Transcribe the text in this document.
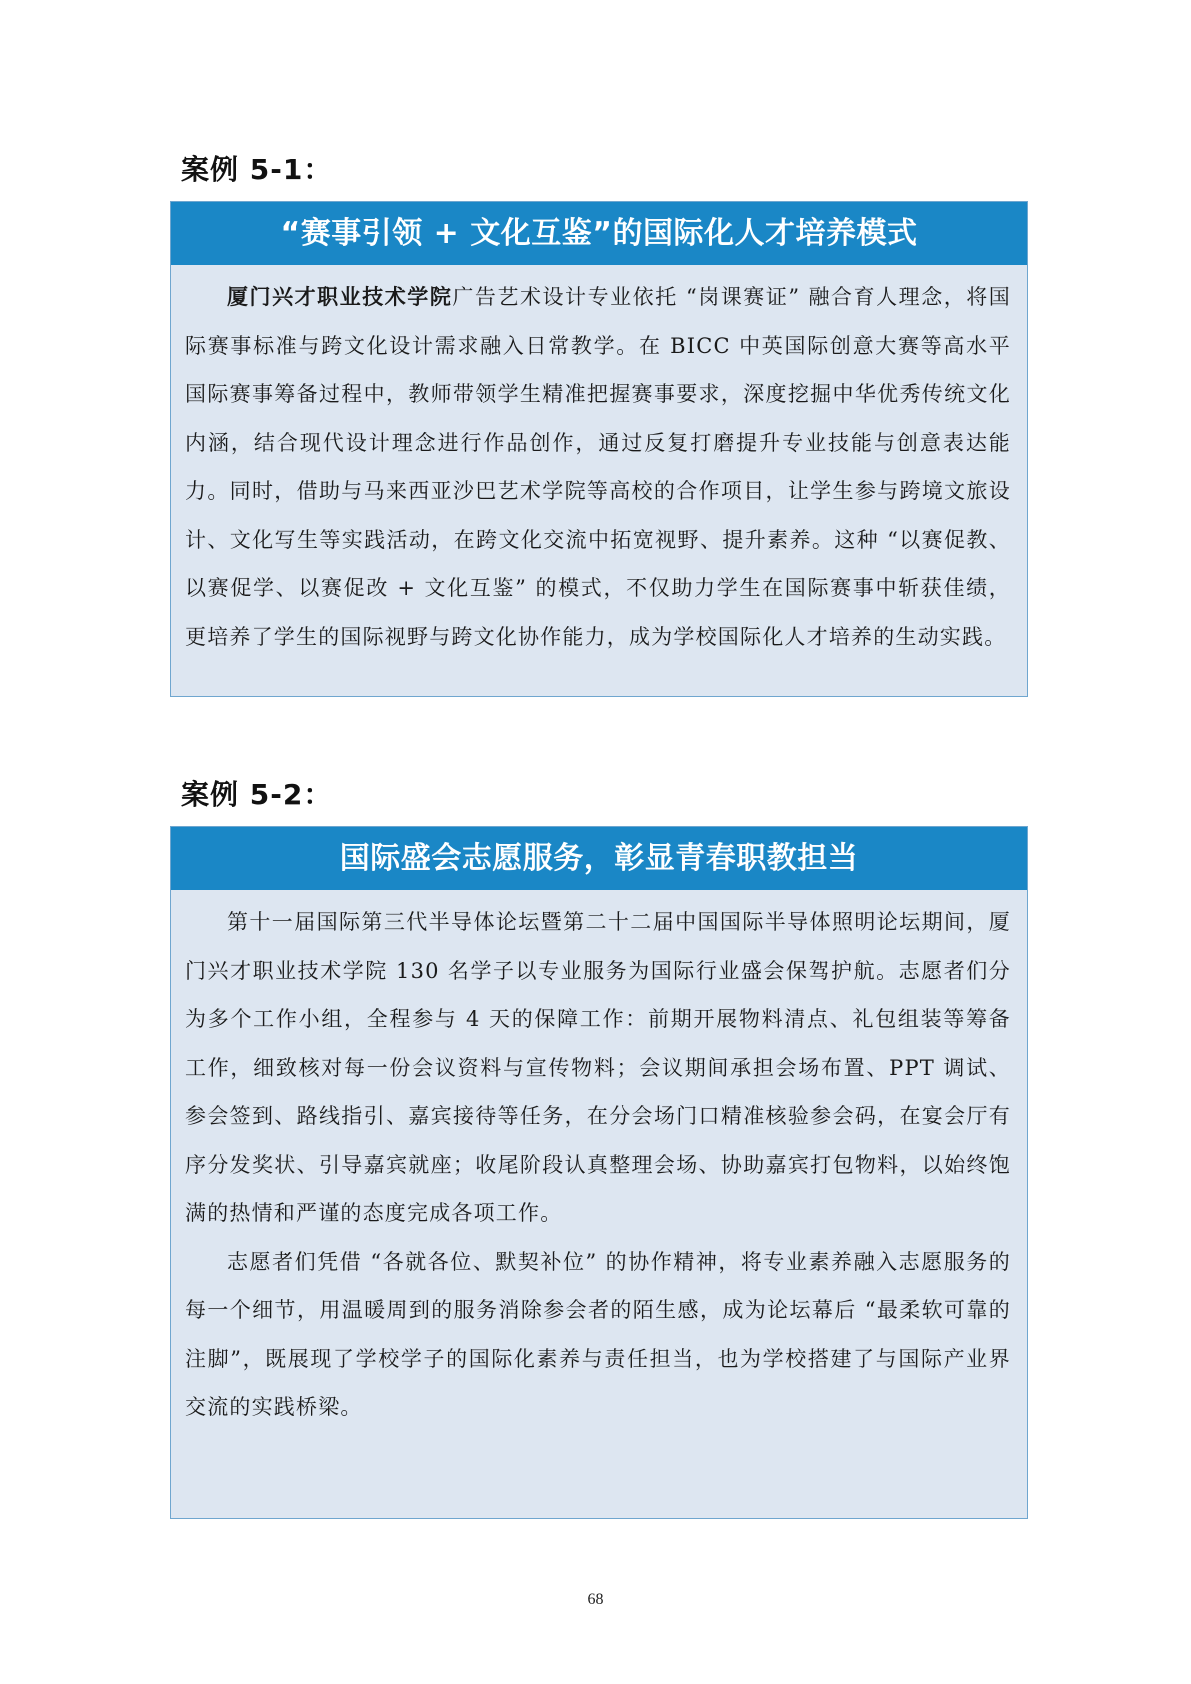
案例 5-1：
“赛事引领 + 文化互鉴”的国际化人才培养模式

厦门兴才职业技术学院广告艺术设计专业依托 “岗课赛证” 融合育人理念，将国际赛事标准与跨文化设计需求融入日常教学。在 BICC 中英国际创意大赛等高水平国际赛事筹备过程中，教师带领学生精准把握赛事要求，深度挖掘中华优秀传统文化内涵，结合现代设计理念进行作品创作，通过反复打磨提升专业技能与创意表达能力。同时，借助与马来西亚沙巴艺术学院等高校的合作项目，让学生参与跨境文旅设计、文化写生等实践活动，在跨文化交流中拓宽视野、提升素养。这种 “以赛促教、以赛促学、以赛促改 + 文化互鉴” 的模式，不仅助力学生在国际赛事中斩获佳绩，更培养了学生的国际视野与跨文化协作能力，成为学校国际化人才培养的生动实践。

案例 5-2：
国际盛会志愿服务，彰显青春职教担当

第十一届国际第三代半导体论坛暨第二十二届中国国际半导体照明论坛期间，厦门兴才职业技术学院 130 名学子以专业服务为国际行业盛会保驾护航。志愿者们分为多个工作小组，全程参与 4 天的保障工作：前期开展物料清点、礼包组装等筹备工作，细致核对每一份会议资料与宣传物料；会议期间承担会场布置、PPT 调试、参会签到、路线指引、嘉宾接待等任务，在分会场门口精准核验参会码，在宴会厅有序分发奖状、引导嘉宾就座；收尾阶段认真整理会场、协助嘉宾打包物料，以始终饱满的热情和严谨的态度完成各项工作。

志愿者们凭借 “各就各位、默契补位” 的协作精神，将专业素养融入志愿服务的每一个细节，用温暖周到的服务消除参会者的陌生感，成为论坛幕后 “最柔软可靠的注脚”，既展现了学校学子的国际化素养与责任担当，也为学校搭建了与国际产业界交流的实践桥梁。

68
